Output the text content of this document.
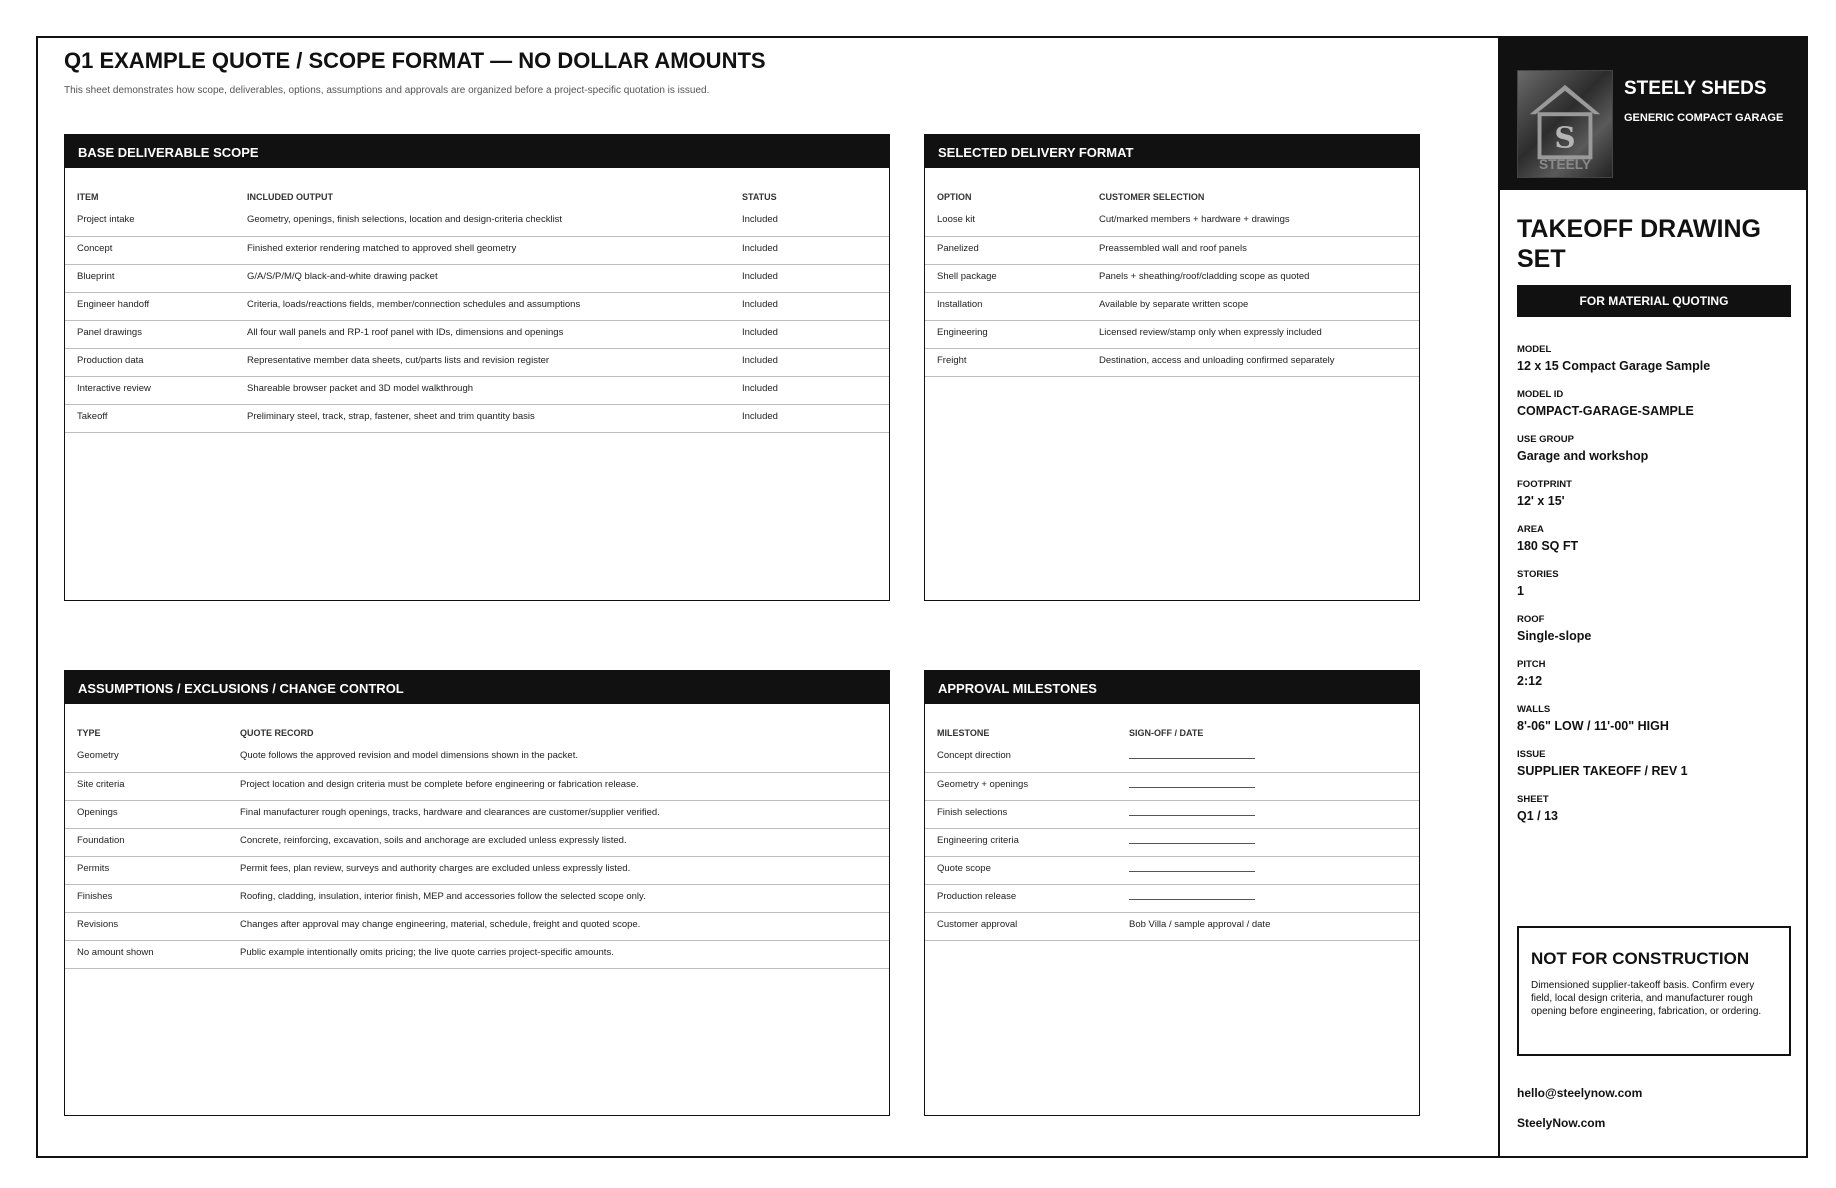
Q1 EXAMPLE QUOTE / SCOPE FORMAT — NO DOLLAR AMOUNTS
This sheet demonstrates how scope, deliverables, options, assumptions and approvals are organized before a project-specific quotation is issued.
BASE DELIVERABLE SCOPE
ITEM	INCLUDED OUTPUT	STATUS
Project intake	Geometry, openings, finish selections, location and design-criteria checklist	Included
Concept	Finished exterior rendering matched to approved shell geometry	Included
Blueprint	G/A/S/P/M/Q black-and-white drawing packet	Included
Engineer handoff	Criteria, loads/reactions fields, member/connection schedules and assumptions	Included
Panel drawings	All four wall panels and RP-1 roof panel with IDs, dimensions and openings	Included
Production data	Representative member data sheets, cut/parts lists and revision register	Included
Interactive review	Shareable browser packet and 3D model walkthrough	Included
Takeoff	Preliminary steel, track, strap, fastener, sheet and trim quantity basis	Included
SELECTED DELIVERY FORMAT
OPTION	CUSTOMER SELECTION
Loose kit	Cut/marked members + hardware + drawings
Panelized	Preassembled wall and roof panels
Shell package	Panels + sheathing/roof/cladding scope as quoted
Installation	Available by separate written scope
Engineering	Licensed review/stamp only when expressly included
Freight	Destination, access and unloading confirmed separately
ASSUMPTIONS / EXCLUSIONS / CHANGE CONTROL
TYPE	QUOTE RECORD
Geometry	Quote follows the approved revision and model dimensions shown in the packet.
Site criteria	Project location and design criteria must be complete before engineering or fabrication release.
Openings	Final manufacturer rough openings, tracks, hardware and clearances are customer/supplier verified.
Foundation	Concrete, reinforcing, excavation, soils and anchorage are excluded unless expressly listed.
Permits	Permit fees, plan review, surveys and authority charges are excluded unless expressly listed.
Finishes	Roofing, cladding, insulation, interior finish, MEP and accessories follow the selected scope only.
Revisions	Changes after approval may change engineering, material, schedule, freight and quoted scope.
No amount shown	Public example intentionally omits pricing; the live quote carries project-specific amounts.
APPROVAL MILESTONES
MILESTONE	SIGN-OFF / DATE
Concept direction	
Geometry + openings	
Finish selections	
Engineering criteria	
Quote scope	
Production release	
Customer approval	Bob Villa / sample approval / date
S
STEELY
STEELY SHEDS
GENERIC COMPACT GARAGE
TAKEOFF DRAWING SET
FOR MATERIAL QUOTING
MODEL
12 x 15 Compact Garage Sample
MODEL ID
COMPACT-GARAGE-SAMPLE
USE GROUP
Garage and workshop
FOOTPRINT
12' x 15'
AREA
180 SQ FT
STORIES
1
ROOF
Single-slope
PITCH
2:12
WALLS
8'-06" LOW / 11'-00" HIGH
ISSUE
SUPPLIER TAKEOFF / REV 1
SHEET
Q1 / 13
NOT FOR CONSTRUCTION
Dimensioned supplier-takeoff basis. Confirm every field, local design criteria, and manufacturer rough opening before engineering, fabrication, or ordering.
hello@steelynow.com
SteelyNow.com
